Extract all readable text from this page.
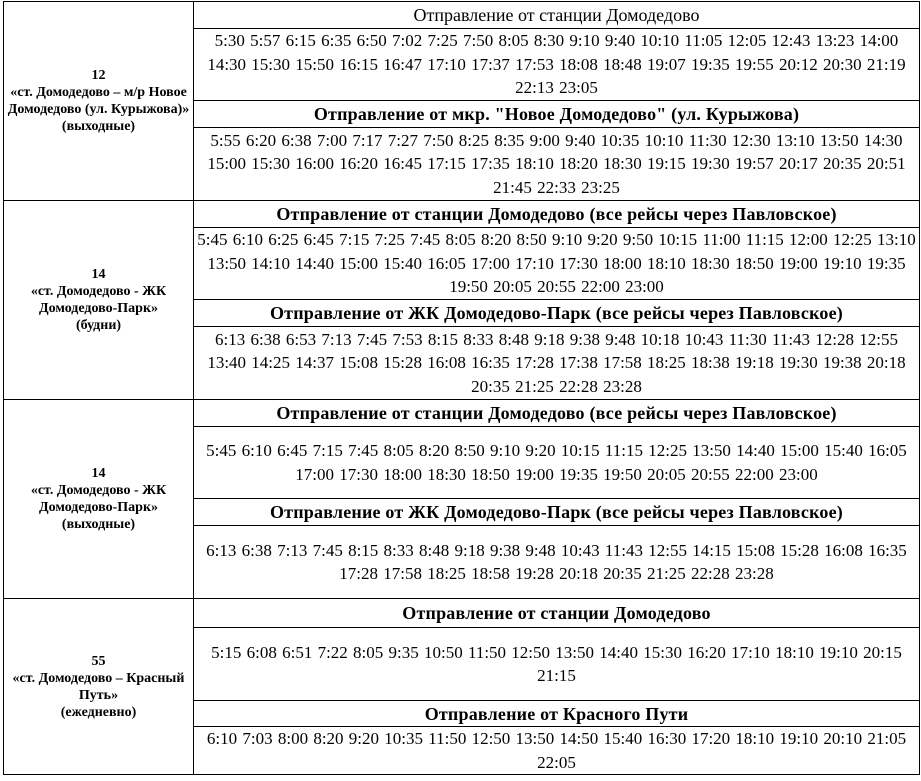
12
«ст. Домодедово – м/р Новое Домодедово (ул. Курыжова)»
(выходные)	Отправление от станции Домодедово
	5:30 5:57 6:15 6:35 6:50 7:02 7:25 7:50 8:05 8:30 9:10 9:40 10:10 11:05 12:05 12:43 13:23 14:00 14:30 15:30 15:50 16:15 16:47 17:10 17:37 17:53 18:08 18:48 19:07 19:35 19:55 20:12 20:30 21:19 22:13 23:05
	Отправление от мкр. "Новое Домодедово" (ул. Курыжова)
	5:55 6:20 6:38 7:00 7:17 7:27 7:50 8:25 8:35 9:00 9:40 10:35 10:10 11:30 12:30 13:10 13:50 14:30 15:00 15:30 16:00 16:20 16:45 17:15 17:35 18:10 18:20 18:30 19:15 19:30 19:57 20:17 20:35 20:51 21:45 22:33 23:25

14
«ст. Домодедово - ЖК Домодедово-Парк»
(будни)	Отправление от станции Домодедово (все рейсы через Павловское)
	5:45 6:10 6:25 6:45 7:15 7:25 7:45 8:05 8:20 8:50 9:10 9:20 9:50 10:15 11:00 11:15 12:00 12:25 13:10 13:50 14:10 14:40 15:00 15:40 16:05 17:00 17:10 17:30 18:00 18:10 18:30 18:50 19:00 19:10 19:35 19:50 20:05 20:55 22:00 23:00
	Отправление от ЖК Домодедово-Парк (все рейсы через Павловское)
	6:13 6:38 6:53 7:13 7:45 7:53 8:15 8:33 8:48 9:18 9:38 9:48 10:18 10:43 11:30 11:43 12:28 12:55 13:40 14:25 14:37 15:08 15:28 16:08 16:35 17:28 17:38 17:58 18:25 18:38 19:18 19:30 19:38 20:18 20:35 21:25 22:28 23:28

14
«ст. Домодедово - ЖК Домодедово-Парк»
(выходные)	Отправление от станции Домодедово (все рейсы через Павловское)
	5:45 6:10 6:45 7:15 7:45 8:05 8:20 8:50 9:10 9:20 10:15 11:15 12:25 13:50 14:40 15:00 15:40 16:05 17:00 17:30 18:00 18:30 18:50 19:00 19:35 19:50 20:05 20:55 22:00 23:00
	Отправление от ЖК Домодедово-Парк (все рейсы через Павловское)
	6:13 6:38 7:13 7:45 8:15 8:33 8:48 9:18 9:38 9:48 10:43 11:43 12:55 14:15 15:08 15:28 16:08 16:35 17:28 17:58 18:25 18:58 19:28 20:18 20:35 21:25 22:28 23:28

55
«ст. Домодедово – Красный Путь»
(ежедневно)	Отправление от станции Домодедово
	5:15 6:08 6:51 7:22 8:05 9:35 10:50 11:50 12:50 13:50 14:40 15:30 16:20 17:10 18:10 19:10 20:15 21:15
	Отправление от Красного Пути
	6:10 7:03 8:00 8:20 9:20 10:35 11:50 12:50 13:50 14:50 15:40 16:30 17:20 18:10 19:10 20:10 21:05 22:05
